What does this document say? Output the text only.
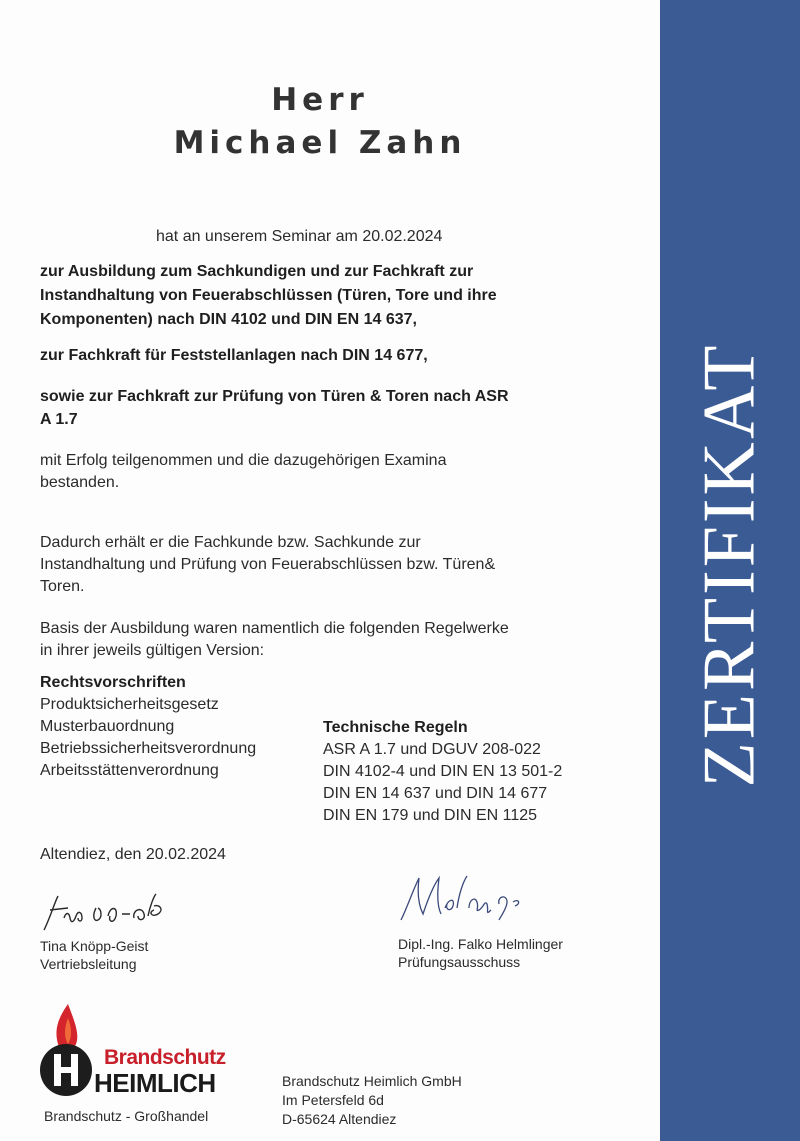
ZERTIFIKAT
Herr
Michael Zahn
hat an unserem Seminar am 20.02.2024
zur Ausbildung zum Sachkundigen und zur Fachkraft zur
Instandhaltung von Feuerabschlüssen (Türen, Tore und ihre
Komponenten) nach DIN 4102 und DIN EN 14 637,
zur Fachkraft für Feststellanlagen nach DIN 14 677,
sowie zur Fachkraft zur Prüfung von Türen & Toren nach ASR
A 1.7
mit Erfolg teilgenommen und die dazugehörigen Examina
bestanden.
Dadurch erhält er die Fachkunde bzw. Sachkunde zur
Instandhaltung und Prüfung von Feuerabschlüssen bzw. Türen&
Toren.
Basis der Ausbildung waren namentlich die folgenden Regelwerke
in ihrer jeweils gültigen Version:
Rechtsvorschriften
Produktsicherheitsgesetz
Musterbauordnung
Betriebssicherheitsverordnung
Arbeitsstättenverordnung
Technische Regeln
ASR A 1.7 und DGUV 208-022
DIN 4102-4 und DIN EN 13 501-2
DIN EN 14 637 und DIN 14 677
DIN EN 179 und DIN EN 1125
Altendiez, den 20.02.2024
Tina Knöpp-Geist
Vertriebsleitung
Dipl.-Ing. Falko Helmlinger
Prüfungsausschuss
Brandschutz
HEIMLICH
Brandschutz - Großhandel
Brandschutz Heimlich GmbH
Im Petersfeld 6d
D-65624 Altendiez
